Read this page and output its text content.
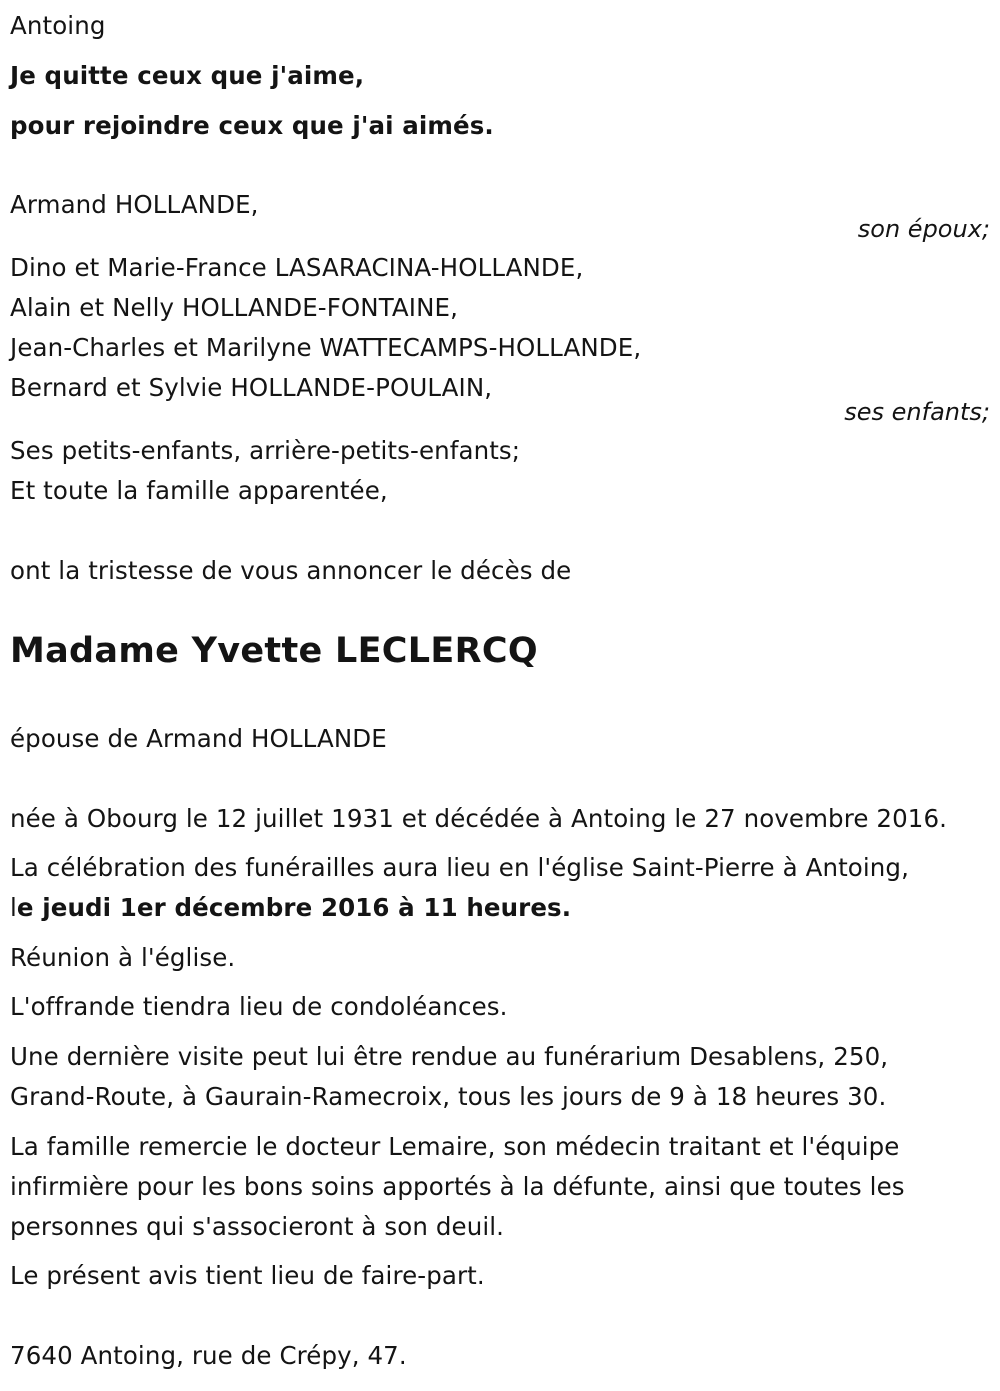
Antoing
Je quitte ceux que j'aime,
pour rejoindre ceux que j'ai aimés.
Armand HOLLANDE,
son époux;
Dino et Marie-France LASARACINA-HOLLANDE,
Alain et Nelly HOLLANDE-FONTAINE,
Jean-Charles et Marilyne WATTECAMPS-HOLLANDE,
Bernard et Sylvie HOLLANDE-POULAIN,
ses enfants;
Ses petits-enfants, arrière-petits-enfants;
Et toute la famille apparentée,
ont la tristesse de vous annoncer le décès de
Madame Yvette LECLERCQ
épouse de Armand HOLLANDE
née à Obourg le 12 juillet 1931 et décédée à Antoing le 27 novembre 2016.
La célébration des funérailles aura lieu en l'église Saint-Pierre à Antoing,
le jeudi 1er décembre 2016 à 11 heures.
Réunion à l'église.
L'offrande tiendra lieu de condoléances.
Une dernière visite peut lui être rendue au funérarium Desablens, 250,
Grand-Route, à Gaurain-Ramecroix, tous les jours de 9 à 18 heures 30.
La famille remercie le docteur Lemaire, son médecin traitant et l'équipe
infirmière pour les bons soins apportés à la défunte, ainsi que toutes les
personnes qui s'associeront à son deuil.
Le présent avis tient lieu de faire-part.
7640 Antoing, rue de Crépy, 47.
